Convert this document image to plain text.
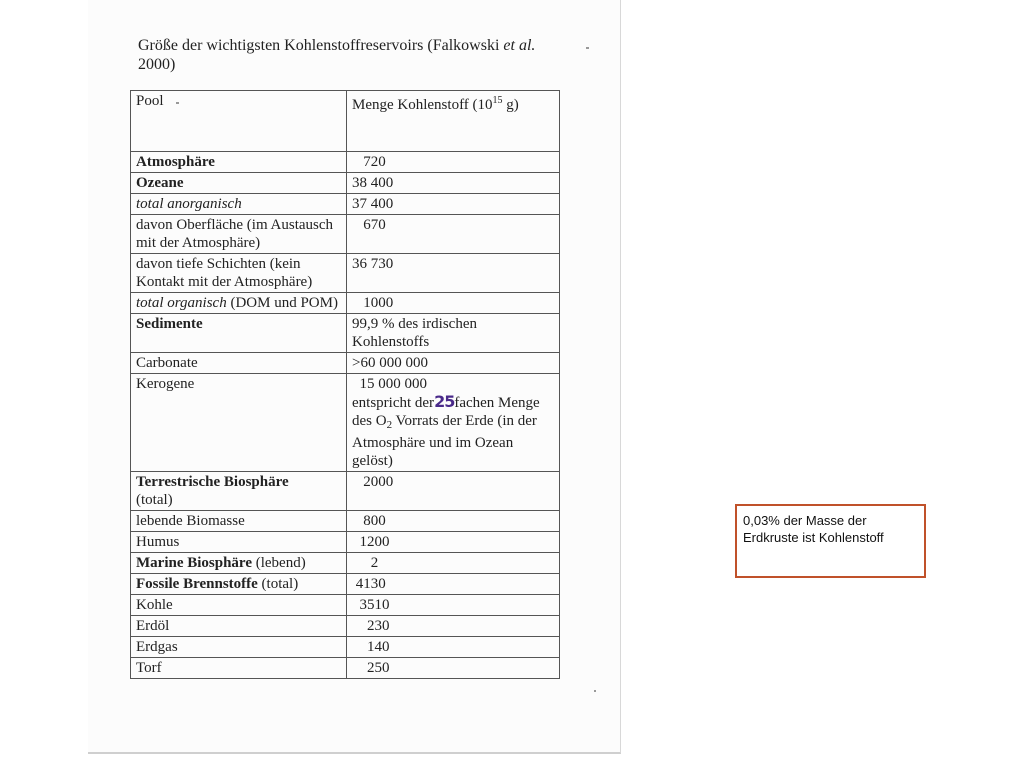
Größe der wichtigsten Kohlenstoffreservoirs (Falkowski et al.
2000)
Pool	Menge Kohlenstoff ($10^{15}$ g)
Atmosphäre	720
Ozeane	38 400
total anorganisch	37 400
davon Oberfläche (im Austausch mit der Atmosphäre)	670
davon tiefe Schichten (kein Kontakt mit der Atmosphäre)	36 730
total organisch (DOM und POM)	1000
Sedimente	99,9 % des irdischen Kohlenstoffs
Carbonate	>60 000 000
Kerogene	15 000 000
entspricht der25fachen Menge des $O_2$ Vorrats der Erde (in der Atmosphäre und im Ozean gelöst)
Terrestrische Biosphäre
(total)	2000
lebende Biomasse	800
Humus	1200
Marine Biosphäre (lebend)	2
Fossile Brennstoffe (total)	4130
Kohle	3510
Erdöl	230
Erdgas	140
Torf	250
0,03% der Masse der Erdkruste ist Kohlenstoff
